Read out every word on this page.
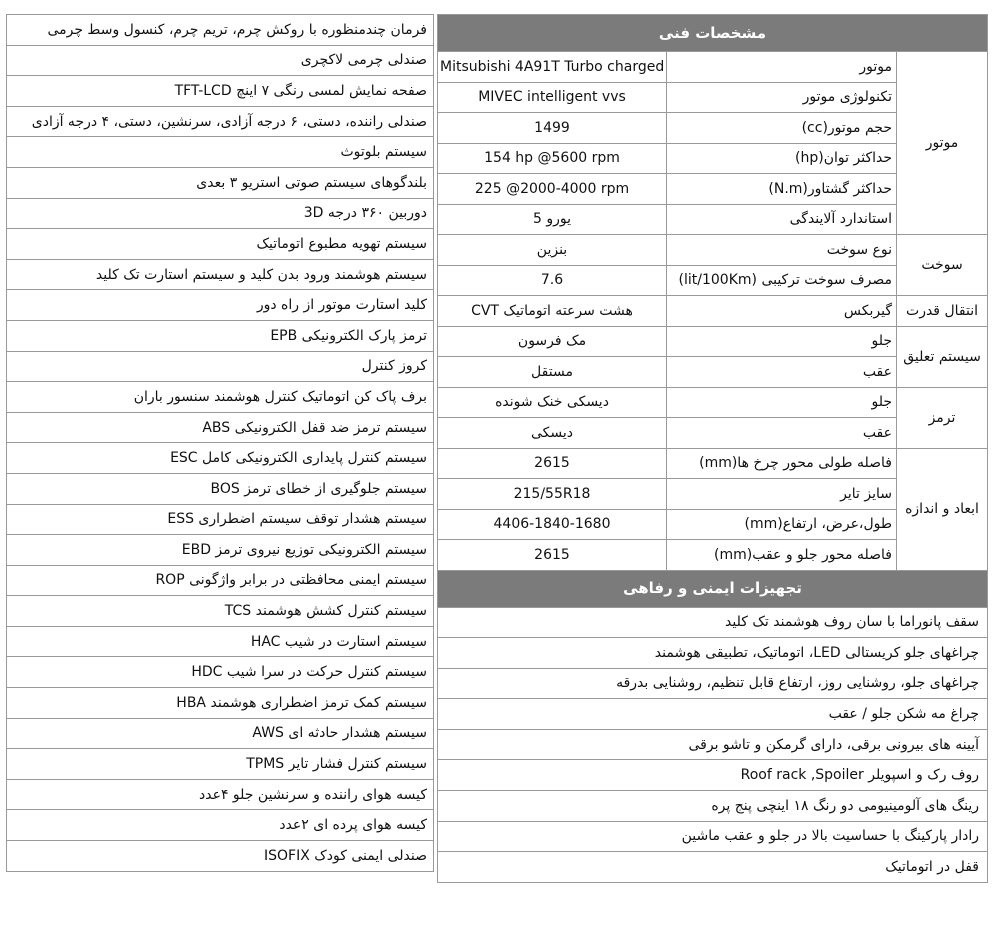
فرمان چندمنظوره با روکش چرم، تریم چرم، کنسول وسط چرمی
صندلی چرمی لاکچری
صفحه نمایش لمسی رنگی ۷ اینچ TFT-LCD
صندلی راننده، دستی، ۶ درجه آزادی، سرنشین، دستی، ۴ درجه آزادی
سیستم بلوتوث
بلندگوهای سیستم صوتی استریو ۳ بعدی
دوربین ۳۶۰ درجه 3D
سیستم تهویه مطبوع اتوماتیک
سیستم هوشمند ورود بدن کلید و سیستم استارت تک کلید
کلید استارت موتور از راه دور
ترمز پارک الکترونیکی EPB
کروز کنترل
برف پاک کن اتوماتیک کنترل هوشمند سنسور باران
سیستم ترمز ضد قفل الکترونیکی ABS
سیستم کنترل پایداری الکترونیکی کامل ESC
سیستم جلوگیری از خطای ترمز BOS
سیستم هشدار توقف سیستم اضطراری ESS
سیستم الکترونیکی توزیع نیروی ترمز EBD
سیستم ایمنی محافظتی در برابر واژگونی ROP
سیستم کنترل کشش هوشمند TCS
سیستم استارت در شیب HAC
سیستم کنترل حرکت در سرا شیب HDC
سیستم کمک ترمز اضطراری هوشمند HBA
سیستم هشدار حادثه ای AWS
سیستم کنترل فشار تایر TPMS
کیسه هوای راننده و سرنشین جلو ۴عدد
کیسه هوای پرده ای ۲عدد
صندلی ایمنی کودک ISOFIX
مشخصات فنی		
Mitsubishi 4A91T Turbo charged	موتور	موتور
MIVEC intelligent vvs	تکنولوژی موتور	
1499	حجم موتور(cc)	
154 hp @5600 rpm	حداکثر توان(hp)	
225 @2000-4000 rpm	حداکثر گشتاور(N.m)	
یورو 5	استاندارد آلایندگی	
بنزین	نوع سوخت	سوخت
7.6	مصرف سوخت ترکیبی (lit/100Km)	
CVT هشت سرعته اتوماتیک	گیربکس	انتقال قدرت
مک فرسون	جلو	سیستم تعلیق
مستقل	عقب	
دیسکی خنک شونده	جلو	ترمز
دیسکی	عقب	
2615	فاصله طولی محور چرخ ها(mm)	ابعاد و اندازه
215/55R18	سایز تایر	
4406-1840-1680	طول،عرض، ارتفاع(mm)	
2615	فاصله محور جلو و عقب(mm)	
تجهیزات ایمنی و رفاهی		
سقف پانوراما با سان روف هوشمند تک کلید		
چراغهای جلو کریستالی LED، اتوماتیک، تطبیقی هوشمند		
چراغهای جلو، روشنایی روز، ارتفاع قابل تنظیم، روشنایی بدرقه		
چراغ مه شکن جلو / عقب		
آیینه های بیرونی برقی، دارای گرمکن و تاشو برقی		
روف رک و اسپویلر Roof rack ,Spoiler		
رینگ های آلومینیومی دو رنگ ۱۸ اینچی پنج پره		
رادار پارکینگ با حساسیت بالا در جلو و عقب ماشین		
قفل در اتوماتیک		
